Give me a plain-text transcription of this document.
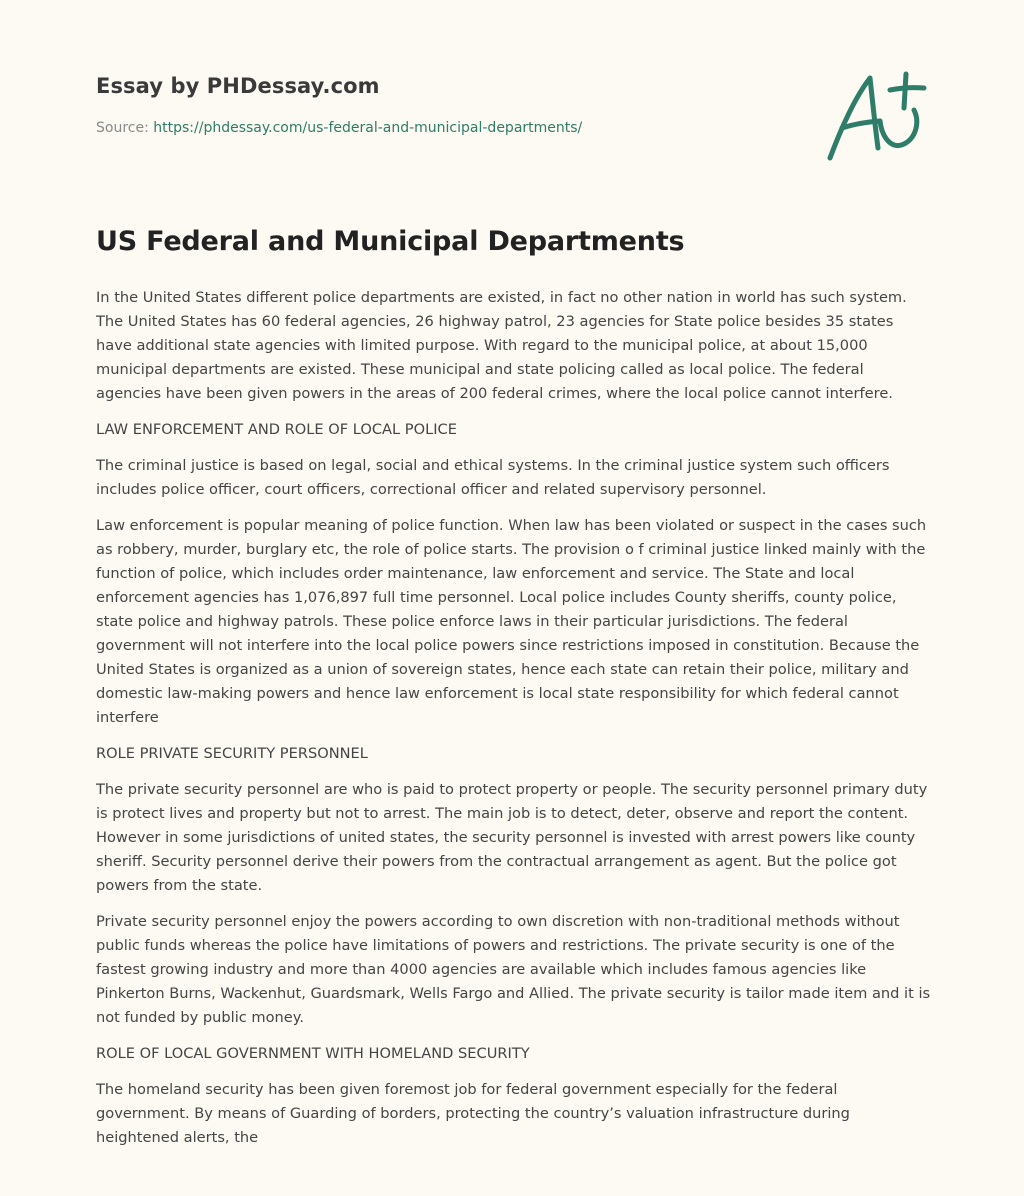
Essay by PHDessay.com
Source: https://phdessay.com/us-federal-and-municipal-departments/
US Federal and Municipal Departments

In the United States different police departments are existed, in fact no other nation in world has such system. The United States has 60 federal agencies, 26 highway patrol, 23 agencies for State police besides 35 states have additional state agencies with limited purpose. With regard to the municipal police, at about 15,000 municipal departments are existed. These municipal and state policing called as local police. The federal agencies have been given powers in the areas of 200 federal crimes, where the local police cannot interfere.

LAW ENFORCEMENT AND ROLE OF LOCAL POLICE

The criminal justice is based on legal, social and ethical systems. In the criminal justice system such officers includes police officer, court officers, correctional officer and related supervisory personnel.

Law enforcement is popular meaning of police function. When law has been violated or suspect in the cases such as robbery, murder, burglary etc, the role of police starts. The provision o f criminal justice linked mainly with the function of police, which includes order maintenance, law enforcement and service. The State and local enforcement agencies has 1,076,897 full time personnel. Local police includes County sheriffs, county police, state police and highway patrols. These police enforce laws in their particular jurisdictions. The federal government will not interfere into the local police powers since restrictions imposed in constitution. Because the United States is organized as a union of sovereign states, hence each state can retain their police, military and domestic law-making powers and hence law enforcement is local state responsibility for which federal cannot interfere

ROLE PRIVATE SECURITY PERSONNEL

The private security personnel are who is paid to protect property or people. The security personnel primary duty is protect lives and property but not to arrest. The main job is to detect, deter, observe and report the content. However in some jurisdictions of united states, the security personnel is invested with arrest powers like county sheriff. Security personnel derive their powers from the contractual arrangement as agent. But the police got powers from the state.

Private security personnel enjoy the powers according to own discretion with non-traditional methods without public funds whereas the police have limitations of powers and restrictions. The private security is one of the fastest growing industry and more than 4000 agencies are available which includes famous agencies like Pinkerton Burns, Wackenhut, Guardsmark, Wells Fargo and Allied. The private security is tailor made item and it is not funded by public money.

ROLE OF LOCAL GOVERNMENT WITH HOMELAND SECURITY

The homeland security has been given foremost job for federal government especially for the federal government. By means of Guarding of borders, protecting the country’s valuation infrastructure during heightened alerts, the
